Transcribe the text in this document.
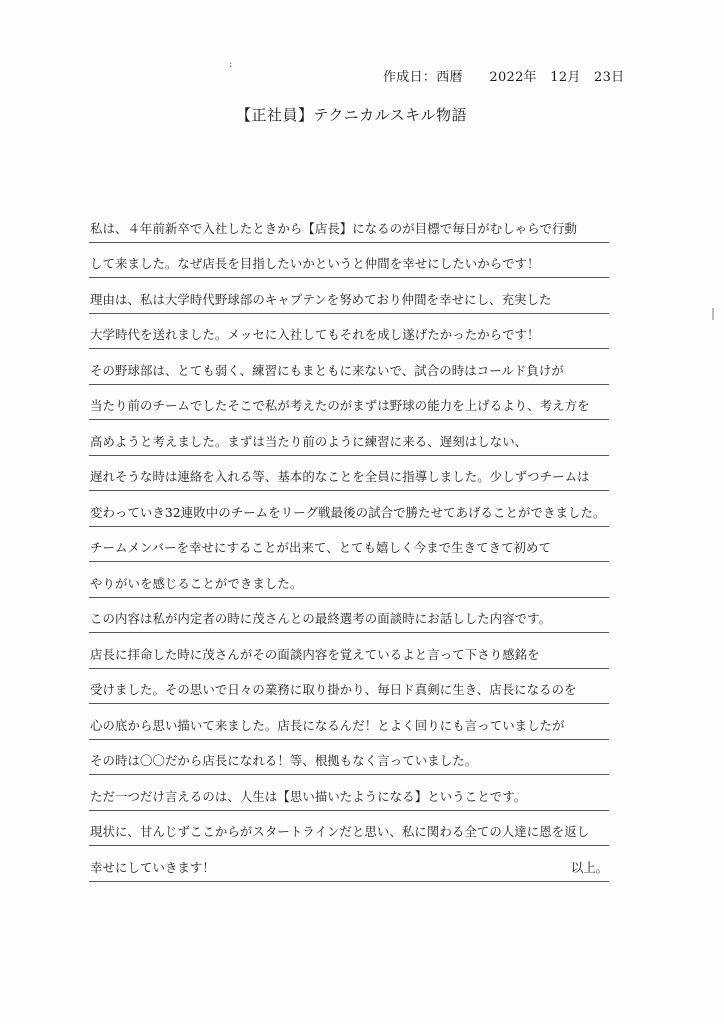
:
作成日：西暦　　2022年　12月　23日
【正社員】テクニカルスキル物語
私は、４年前新卒で入社したときから【店長】になるのが目標で毎日がむしゃらで行動
して来ました。なぜ店長を目指したいかというと仲間を幸せにしたいからです！
理由は、私は大学時代野球部のキャプテンを努めており仲間を幸せにし、充実した
大学時代を送れました。メッセに入社してもそれを成し遂げたかったからです！
その野球部は、とても弱く、練習にもまともに来ないで、試合の時はコールド負けが
当たり前のチームでしたそこで私が考えたのがまずは野球の能力を上げるより、考え方を
高めようと考えました。まずは当たり前のように練習に来る、遅刻はしない、
遅れそうな時は連絡を入れる等、基本的なことを全員に指導しました。少しずつチームは
変わっていき32連敗中のチームをリーグ戦最後の試合で勝たせてあげることができました。
チームメンバーを幸せにすることが出来て、とても嬉しく今まで生きてきて初めて
やりがいを感じることができました。
この内容は私が内定者の時に茂さんとの最終選考の面談時にお話しした内容です。
店長に拝命した時に茂さんがその面談内容を覚えているよと言って下さり感銘を
受けました。その思いで日々の業務に取り掛かり、毎日ド真剣に生き、店長になるのを
心の底から思い描いて来ました。店長になるんだ！とよく回りにも言っていましたが
その時は〇〇だから店長になれる！等、根拠もなく言っていました。
ただ一つだけ言えるのは、人生は【思い描いたようになる】ということです。
現状に、甘んじずここからがスタートラインだと思い、私に関わる全ての人達に恩を返し
幸せにしていきます！	以上。
